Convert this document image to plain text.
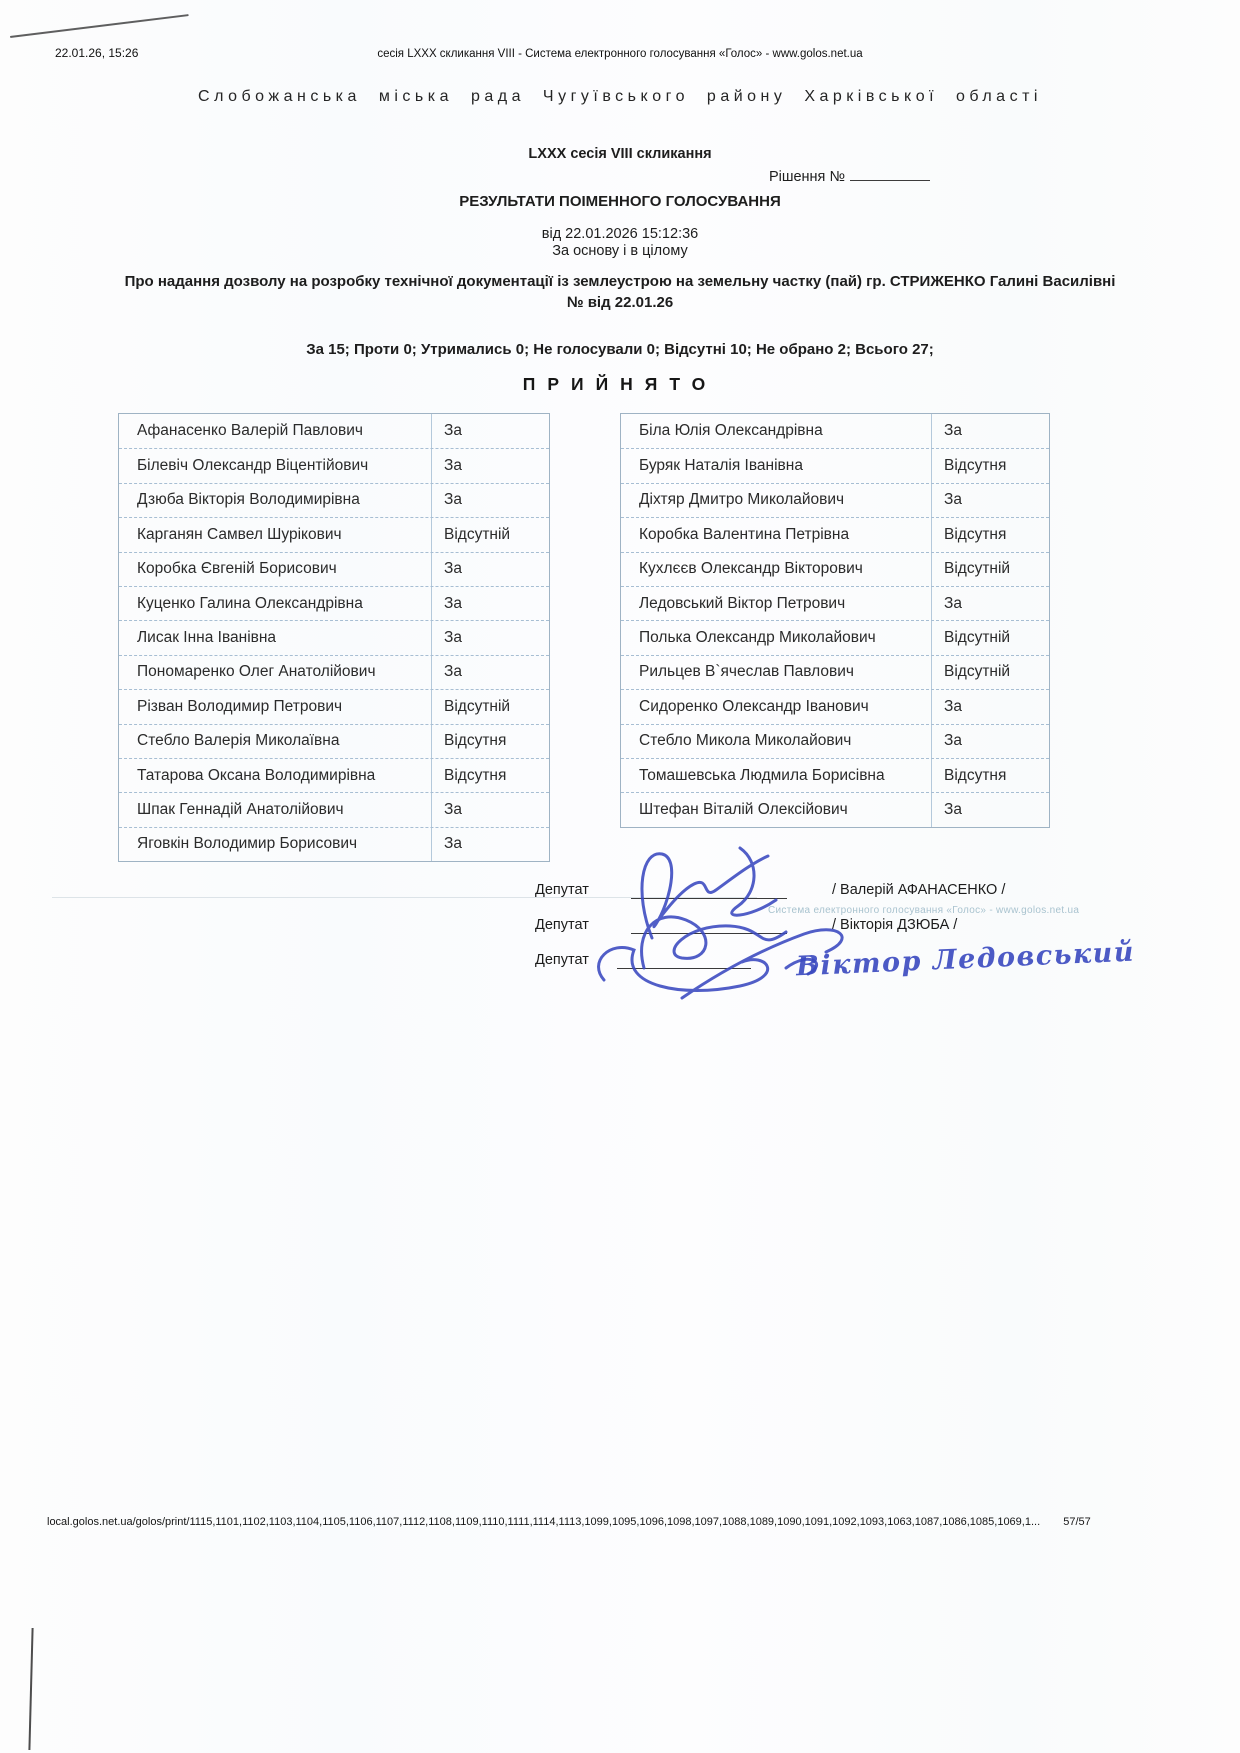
22.01.26, 15:26	сесія LXXX скликання VIII - Система електронного голосування «Голос» - www.golos.net.ua
Слобожанська міська рада Чугуївського району Харківської області
LXXX сесія VIII скликання
Рішення №
РЕЗУЛЬТАТИ ПОІМЕННОГО ГОЛОСУВАННЯ
від 22.01.2026 15:12:36
За основу і в цілому
Про надання дозволу на розробку технічної документації із землеустрою на земельну частку (пай) гр. СТРИЖЕНКО Галині Василівні
№ від 22.01.26
За 15; Проти 0; Утримались 0; Не голосували 0; Відсутні 10; Не обрано 2; Всього 27;
ПРИЙНЯТО
Афанасенко Валерій Павлович	За
Білевіч Олександр Віцентійович	За
Дзюба Вікторія Володимирівна	За
Карганян Самвел Шурікович	Відсутній
Коробка Євгеній Борисович	За
Куценко Галина Олександрівна	За
Лисак Інна Іванівна	За
Пономаренко Олег Анатолійович	За
Різван Володимир Петрович	Відсутній
Стебло Валерія Миколаївна	Відсутня
Татарова Оксана Володимирівна	Відсутня
Шпак Геннадій Анатолійович	За
Яговкін Володимир Борисович	За
Біла Юлія Олександрівна	За
Буряк Наталія Іванівна	Відсутня
Діхтяр Дмитро Миколайович	За
Коробка Валентина Петрівна	Відсутня
Кухлєєв Олександр Вікторович	Відсутній
Ледовський Віктор Петрович	За
Полька Олександр Миколайович	Відсутній
Рильцев В`ячеслав Павлович	Відсутній
Сидоренко Олександр Іванович	За
Стебло Микола Миколайович	За
Томашевська Людмила Борисівна	Відсутня
Штефан Віталій Олексійович	За
Депутат	/ Валерій АФАНАСЕНКО /
Депутат	/ Вікторія ДЗЮБА /
Депутат	Віктор Ледовський
Система електронного голосування «Голос» - www.golos.net.ua
local.golos.net.ua/golos/print/1115,1101,1102,1103,1104,1105,1106,1107,1112,1108,1109,1110,1111,1114,1113,1099,1095,1096,1098,1097,1088,1089,1090,1091,1092,1093,1063,1087,1086,1085,1069,1... 57/57
